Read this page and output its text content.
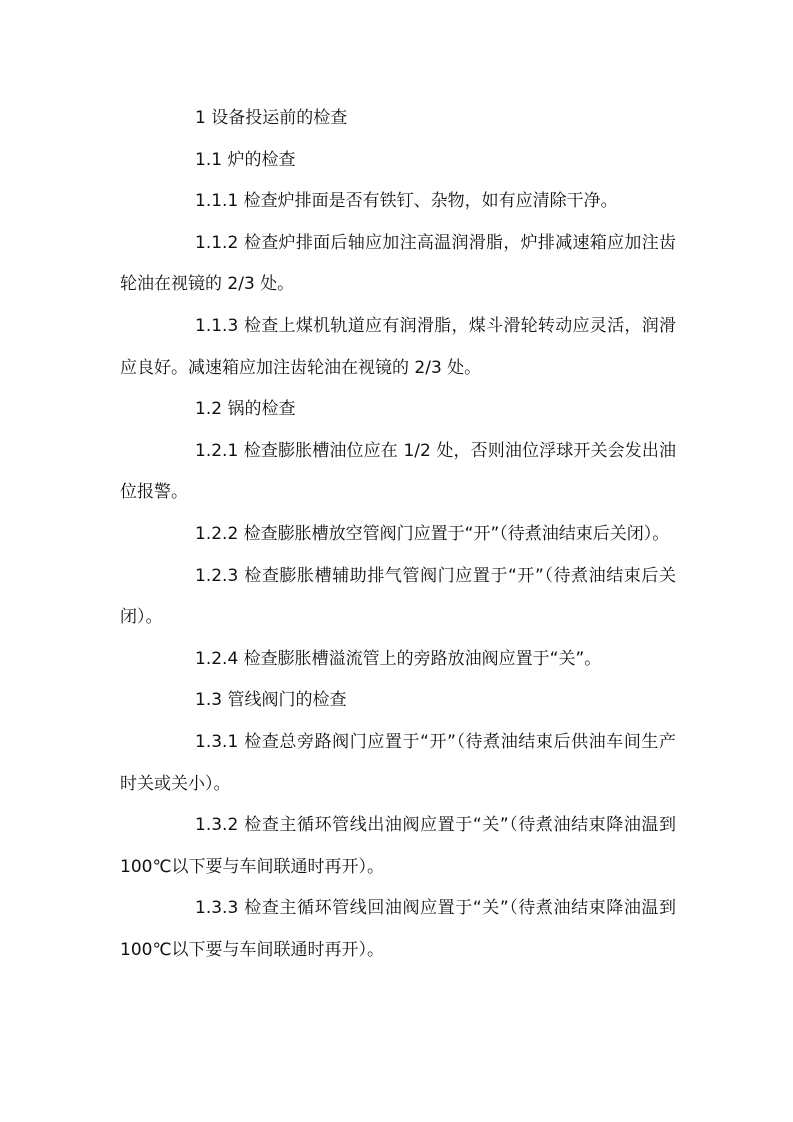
1 设备投运前的检查

1.1 炉的检查

1.1.1 检查炉排面是否有铁钉、杂物，如有应清除干净。

1.1.2 检查炉排面后轴应加注高温润滑脂，炉排减速箱应加注齿轮油在视镜的 2/3 处。

1.1.3 检查上煤机轨道应有润滑脂，煤斗滑轮转动应灵活，润滑应良好。减速箱应加注齿轮油在视镜的 2/3 处。

1.2 锅的检查

1.2.1 检查膨胀槽油位应在 1/2 处，否则油位浮球开关会发出油位报警。

1.2.2 检查膨胀槽放空管阀门应置于“开”（待煮油结束后关闭）。

1.2.3 检查膨胀槽辅助排气管阀门应置于“开”（待煮油结束后关闭）。

1.2.4 检查膨胀槽溢流管上的旁路放油阀应置于“关”。

1.3 管线阀门的检查

1.3.1 检查总旁路阀门应置于“开”（待煮油结束后供油车间生产时关或关小）。

1.3.2 检查主循环管线出油阀应置于“关”（待煮油结束降油温到 100℃以下要与车间联通时再开）。

1.3.3 检查主循环管线回油阀应置于“关”（待煮油结束降油温到 100℃以下要与车间联通时再开）。
